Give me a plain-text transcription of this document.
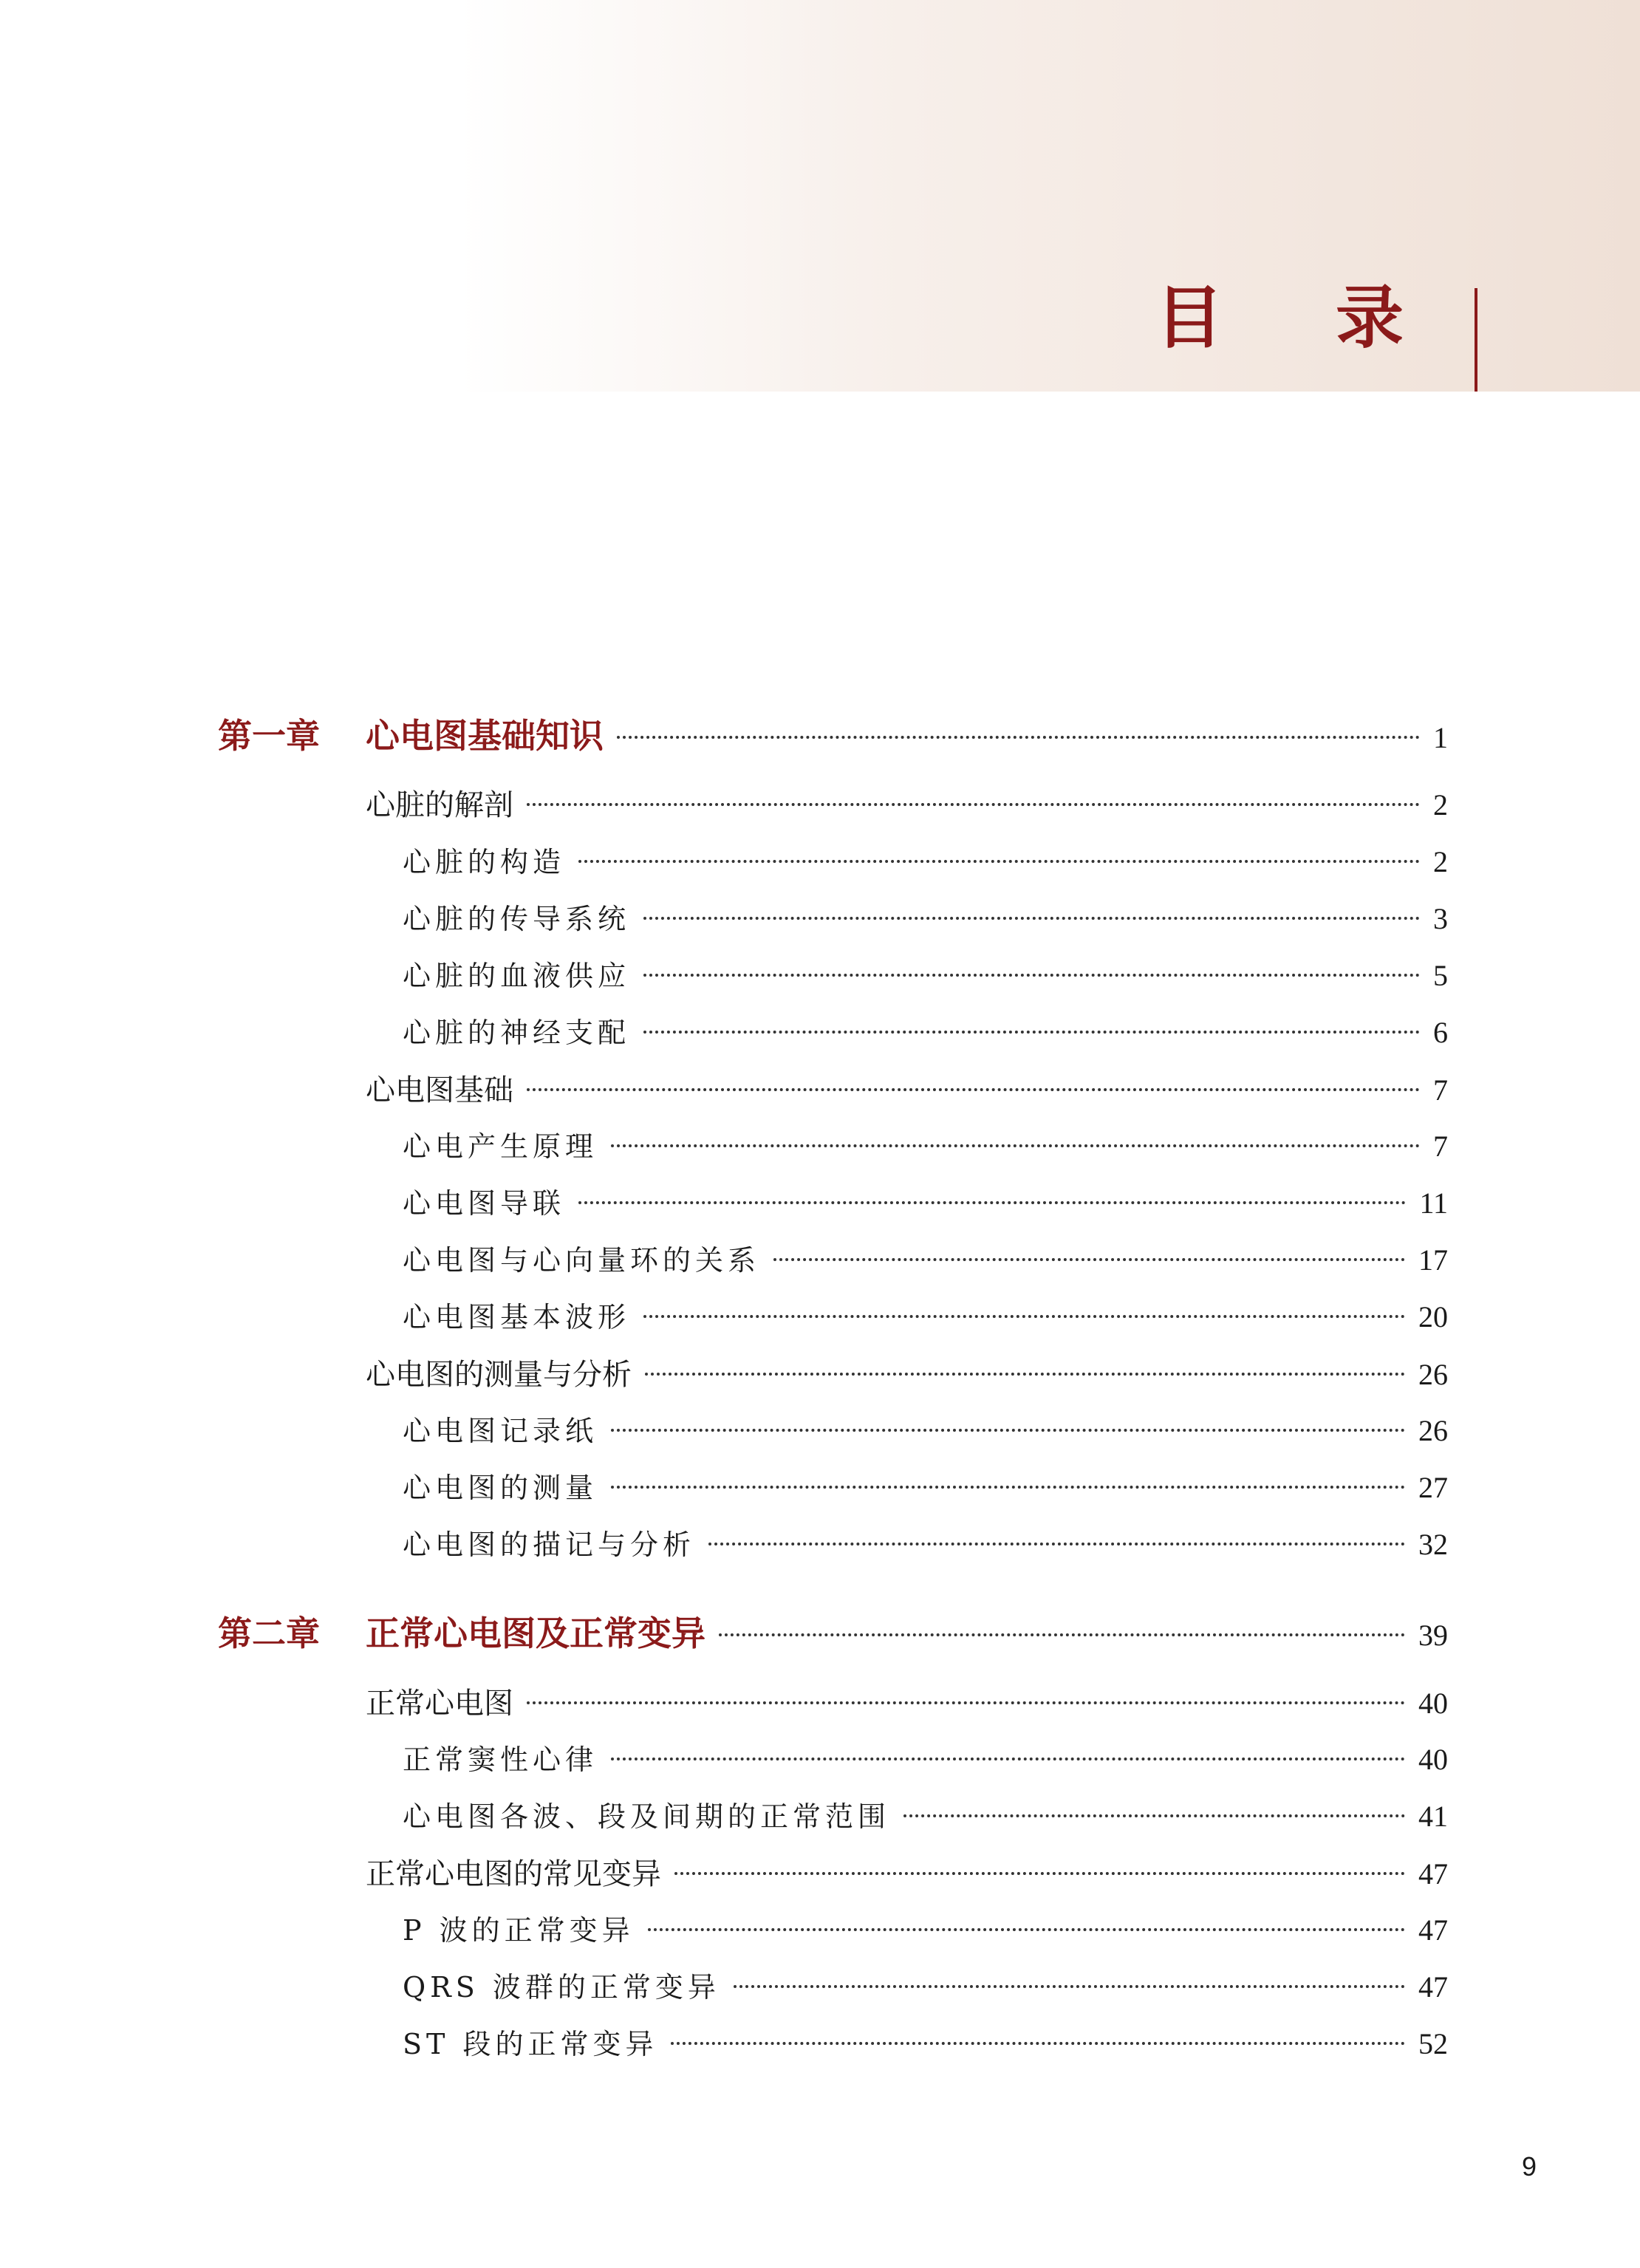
目 录
第一章	心电图基础知识	1
心脏的解剖	2
心脏的构造	2
心脏的传导系统	3
心脏的血液供应	5
心脏的神经支配	6
心电图基础	7
心电产生原理	7
心电图导联	11
心电图与心向量环的关系	17
心电图基本波形	20
心电图的测量与分析	26
心电图记录纸	26
心电图的测量	27
心电图的描记与分析	32
第二章	正常心电图及正常变异	39
正常心电图	40
正常窦性心律	40
心电图各波、段及间期的正常范围	41
正常心电图的常见变异	47
P 波的正常变异	47
QRS 波群的正常变异	47
ST 段的正常变异	52
9
